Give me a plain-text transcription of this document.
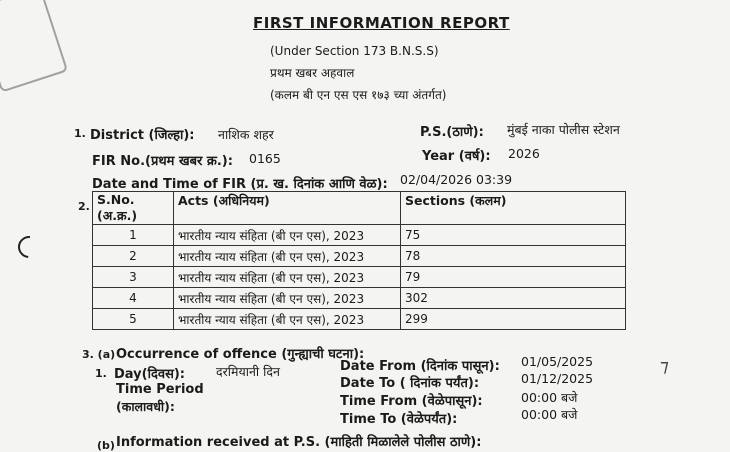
⁊
FIRST INFORMATION REPORT
(Under Section 173 B.N.S.S)
प्रथम खबर अहवाल
(कलम बी एन एस एस १७३ च्या अंतर्गत)
1. District (जिल्हा): नाशिक शहर	P.S.(ठाणे): मुंबई नाका पोलीस स्टेशन
FIR No.(प्रथम खबर क्र.): 0165	Year (वर्ष): 2026
Date and Time of FIR (प्र. ख. दिनांक आणि वेळ): 02/04/2026 03:39
2. S.No.
(अ.क्र.)	Acts (अधिनियम)	Sections (कलम)
1	भारतीय न्याय संहिता (बी एन एस), 2023	75
2	भारतीय न्याय संहिता (बी एन एस), 2023	78
3	भारतीय न्याय संहिता (बी एन एस), 2023	79
4	भारतीय न्याय संहिता (बी एन एस), 2023	302
5	भारतीय न्याय संहिता (बी एन एस), 2023	299
3. (a) Occurrence of offence (गुन्ह्याची घटना):
1. Day(दिवस): दरमियानी दिन
Time Period
(कालावधी):
Date From (दिनांक पासून): 01/05/2025
Date To ( दिनांक पर्यंत):	01/12/2025
Time From (वेळेपासून):	00:00 बजे
Time To (वेळेपर्यंत):	00:00 बजे
(b) Information received at P.S. (माहिती मिळालेले पोलीस ठाणे):
